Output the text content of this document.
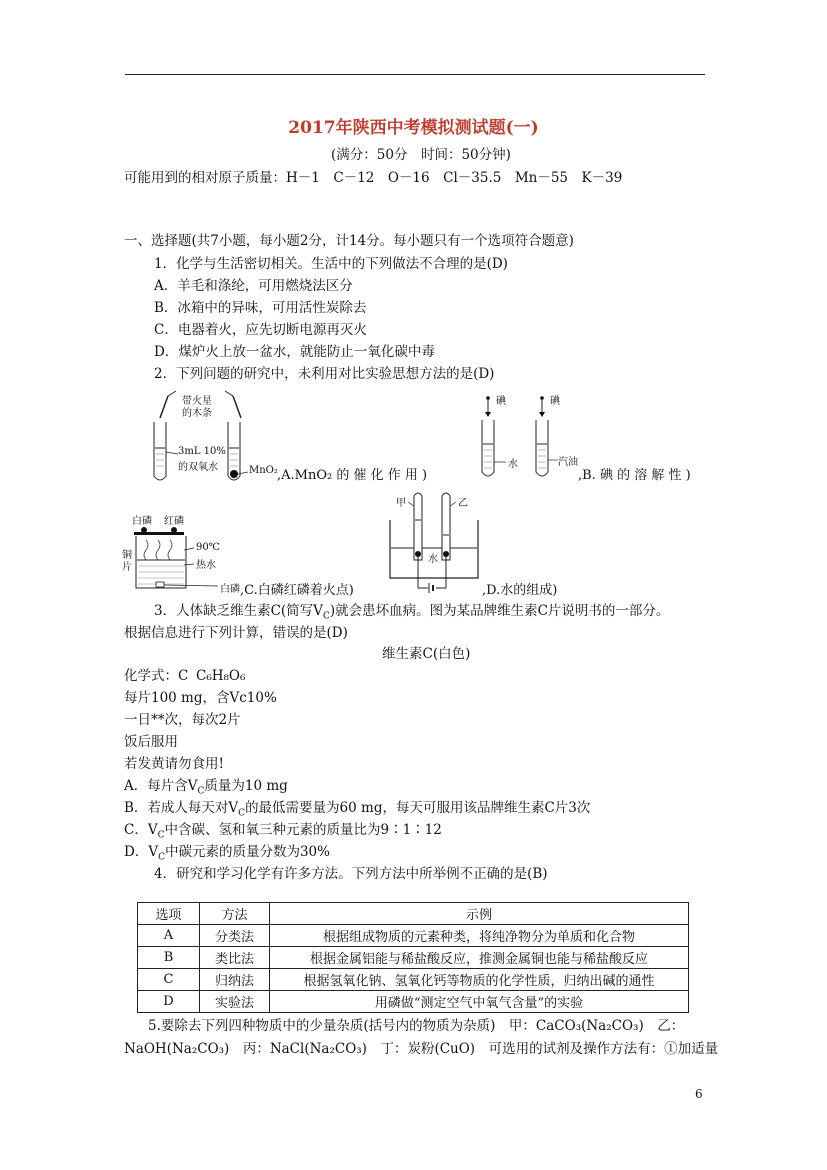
2017年陕西中考模拟测试题(一)
(满分：50分　时间：50分钟)
可能用到的相对原子质量：H－1　C－12　O－16　Cl－35.5　Mn－55　K－39
一、选择题(共7小题，每小题2分，计14分。每小题只有一个选项符合题意)
1．化学与生活密切相关。生活中的下列做法不合理的是(D)
A．羊毛和涤纶，可用燃烧法区分
B．冰箱中的异味，可用活性炭除去
C．电器着火，应先切断电源再灭火
D．煤炉火上放一盆水，就能防止一氧化碳中毒
2．下列问题的研究中，未利用对比实验思想方法的是(D)
带火星
的木条
3mL 10%
的双氧水	MnO₂ ,A.MnO₂ 的 催 化 作 用 )
碘	碘
水	汽油
,B. 碘 的 溶 解 性 )
白磷 红磷
铜
片
90℃
热水
白磷 ,C.白磷红磷着火点)
甲	乙
水
,D.水的组成)
3．人体缺乏维生素C(简写$V_C$)就会患坏血病。图为某品牌维生素C片说明书的一部分。
根据信息进行下列计算，错误的是(D)
维生素C(白色)
化学式：C C₆H₈O₆
每片100 mg，含Vc10%
一日**次，每次2片
饭后服用
若发黄请勿食用!
A．每片含$V_C$质量为10 mg
B．若成人每天对$V_C$的最低需要量为60 mg，每天可服用该品牌维生素C片3次
C．$V_C$中含碳、氢和氧三种元素的质量比为9∶1∶12
D．$V_C$中碳元素的质量分数为30%
4．研究和学习化学有许多方法。下列方法中所举例不正确的是(B)
选项	方法	示例
A	分类法	根据组成物质的元素种类，将纯净物分为单质和化合物
B	类比法	根据金属铝能与稀盐酸反应，推测金属铜也能与稀盐酸反应
C	归纳法	根据氢氧化钠、氢氧化钙等物质的化学性质，归纳出碱的通性
D	实验法	用磷做“测定空气中氧气含量”的实验
5.要除去下列四种物质中的少量杂质(括号内的物质为杂质)　甲：CaCO₃(Na₂CO₃)　乙：
NaOH(Na₂CO₃)　丙：NaCl(Na₂CO₃)　丁：炭粉(CuO)　可选用的试剂及操作方法有：①加适量
6
